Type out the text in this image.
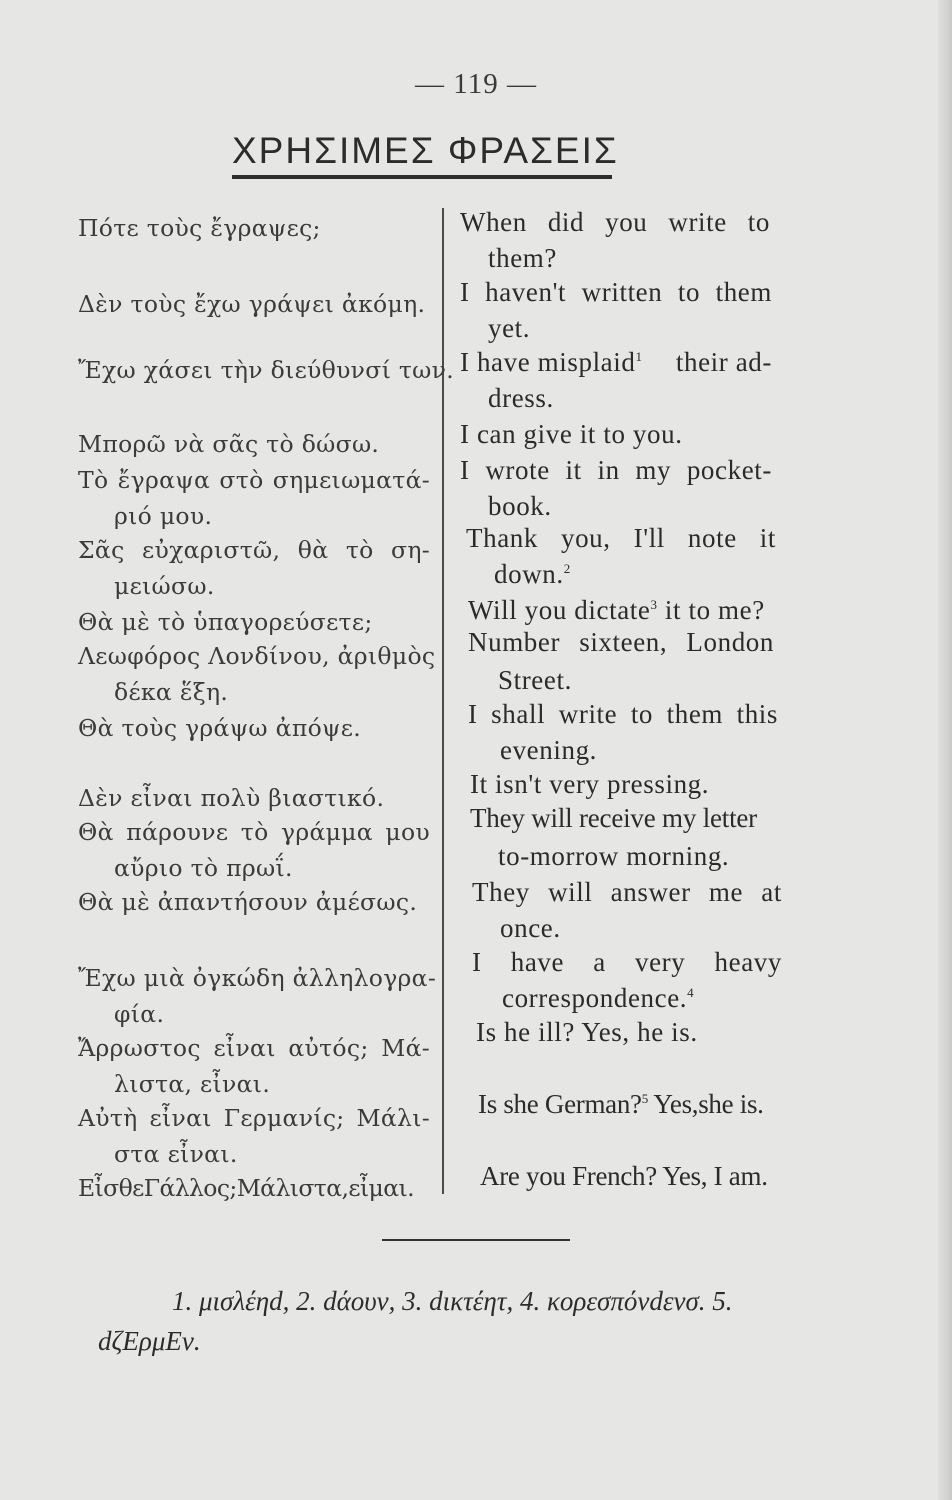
— 119 —
ΧΡΗΣΙΜΕΣ ΦΡΑΣΕΙΣ
Πότε τοὺς ἔγραψες;
Δὲν τοὺς ἔχω γράψει ἀκόμη.
Ἔχω χάσει τὴν διεύθυνσί των.
Μπορῶ νὰ σᾶς τὸ δώσω.
Τὸ ἔγραψα στὸ σημειωματά-
ριό μου.
Σᾶς εὐχαριστῶ, θὰ τὸ ση-
μειώσω.
Θὰ μὲ τὸ ὑπαγορεύσετε;
Λεωφόρος Λονδίνου, ἀριθμὸς
δέκα ἕξη.
Θὰ τοὺς γράψω ἀπόψε.
Δὲν εἶναι πολὺ βιαστικό.
Θὰ πάρουνε τὸ γράμμα μου
αὔριο τὸ πρωΐ.
Θὰ μὲ ἀπαντήσουν ἀμέσως.
Ἔχω μιὰ ὀγκώδη ἀλληλογρα-
φία.
Ἄρρωστος εἶναι αὐτός; Μά-
λιστα, εἶναι.
Αὐτὴ εἶναι Γερμανίς; Μάλι-
στα εἶναι.
ΕἶσθεΓάλλος;Μάλιστα,εἶμαι.
When did you write to
them?
I haven't written to them
yet.
I have misplaid$^1$ their ad-
dress.
I can give it to you.
I wrote it in my pocket-
book.
Thank you, I'll note it
down.$^2$
Will you dictate$^3$ it to me?
Number sixteen, London
Street.
I shall write to them this
evening.
It isn't very pressing.
They will receive my letter
to-morrow morning.
They will answer me at
once.
I have a very heavy
correspondence.$^4$
Is he ill? Yes, he is.
Is she German?$^5$ Yes,she is.
Are you French? Yes, I am.
1. μισλέηd, 2. dάουν, 3. dικτέητ, 4. κορεσπόνdενσ. 5.
dζΕρμΕν.
